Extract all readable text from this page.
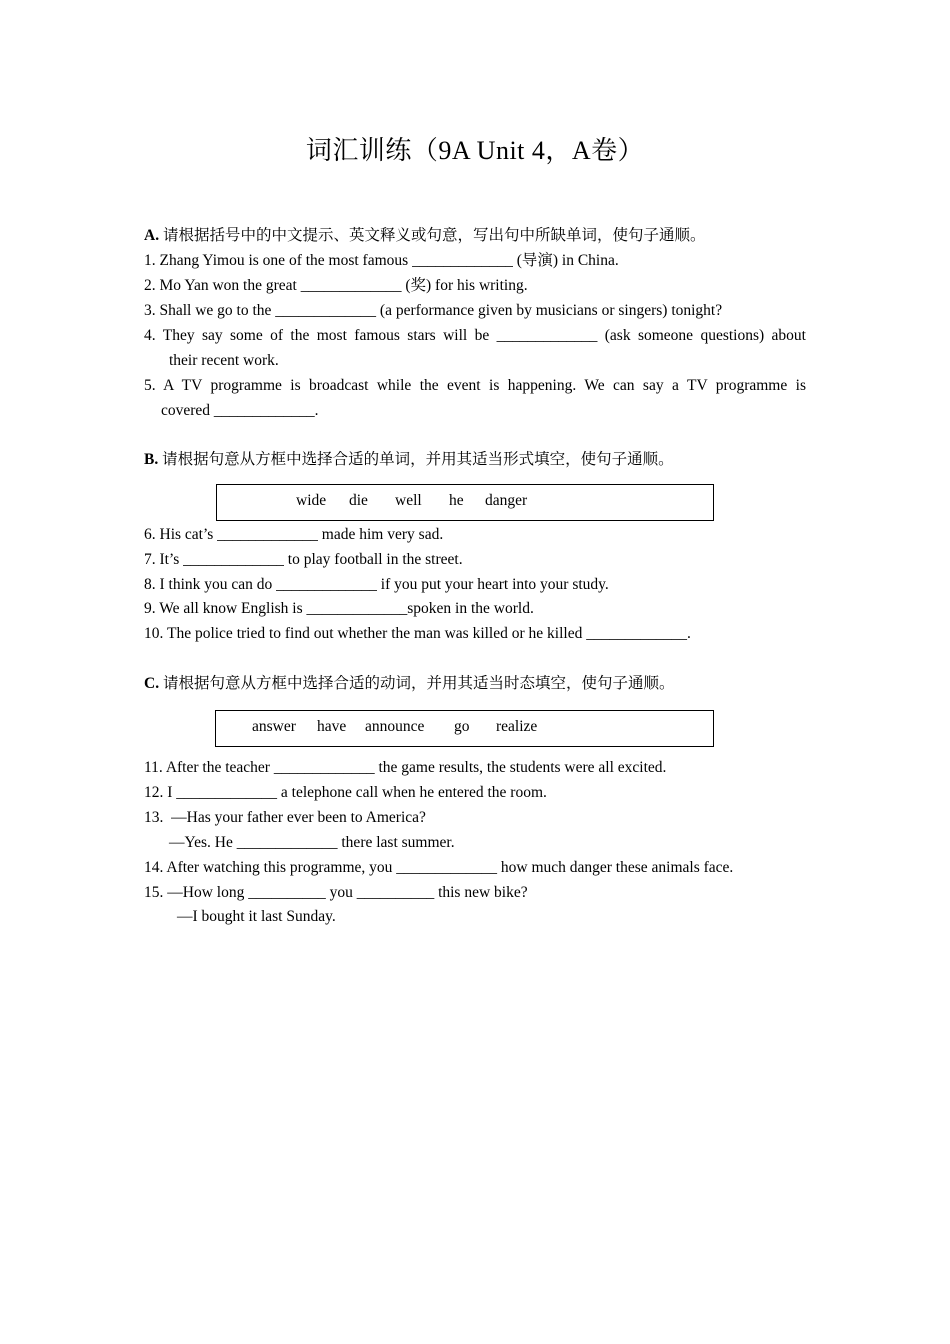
词汇训练（9A Unit 4，A卷）
A. 请根据括号中的中文提示、英文释义或句意，写出句中所缺单词，使句子通顺。
1. Zhang Yimou is one of the most famous _____________ (导演) in China.
2. Mo Yan won the great _____________ (奖) for his writing.
3. Shall we go to the _____________ (a performance given by musicians or singers) tonight?
4. They say some of the most famous stars will be _____________ (ask someone questions) about
their recent work.
5. A TV programme is broadcast while the event is happening. We can say a TV programme is
covered _____________.
B. 请根据句意从方框中选择合适的单词，并用其适当形式填空，使句子通顺。
wide die well he danger
6. His cat’s _____________ made him very sad.
7. It’s _____________ to play football in the street.
8. I think you can do _____________ if you put your heart into your study.
9. We all know English is _____________spoken in the world.
10. The police tried to find out whether the man was killed or he killed _____________.
C. 请根据句意从方框中选择合适的动词，并用其适当时态填空，使句子通顺。
answer have announce go realize
11. After the teacher _____________ the game results, the students were all excited.
12. I _____________ a telephone call when he entered the room.
13.  —Has your father ever been to America?
—Yes. He _____________ there last summer.
14. After watching this programme, you _____________ how much danger these animals face.
15. —How long __________ you __________ this new bike?
—I bought it last Sunday.
